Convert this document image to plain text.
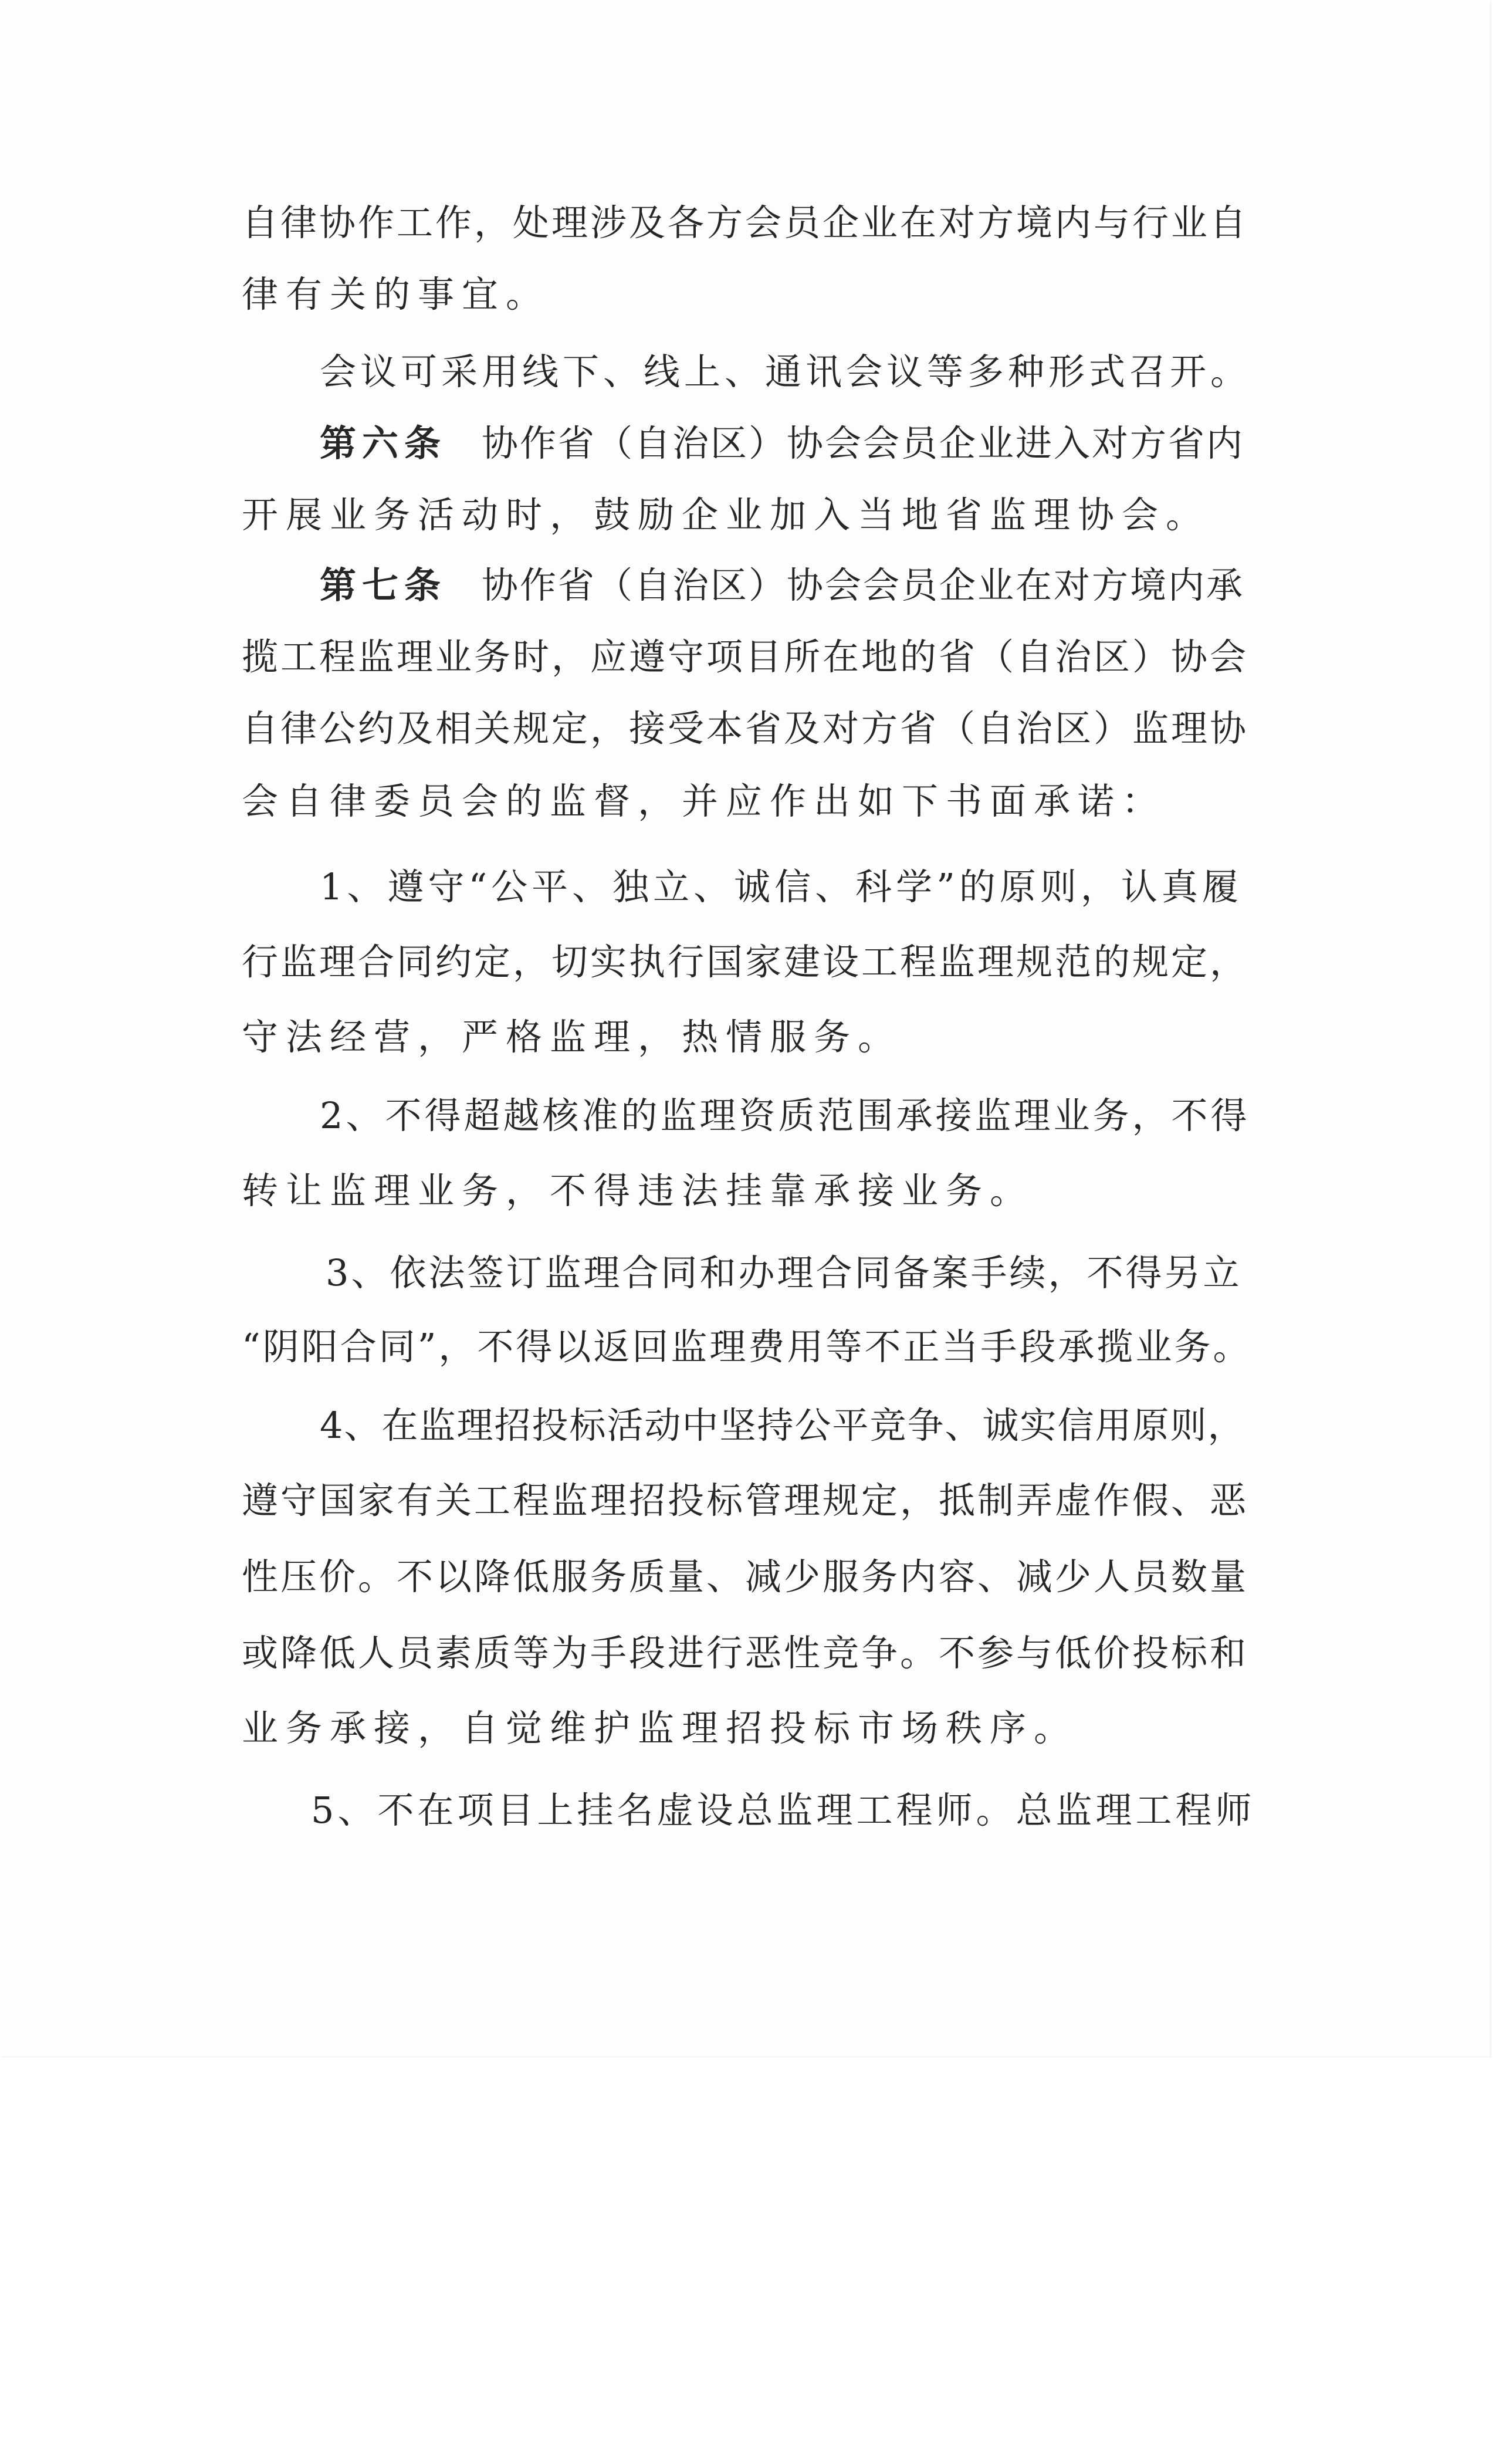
自律协作工作，处理涉及各方会员企业在对方境内与行业自
律有关的事宜。
会议可采用线下、线上、通讯会议等多种形式召开。
第六条 协作省（自治区）协会会员企业进入对方省内
开展业务活动时，鼓励企业加入当地省监理协会。
第七条 协作省（自治区）协会会员企业在对方境内承
揽工程监理业务时，应遵守项目所在地的省（自治区）协会
自律公约及相关规定，接受本省及对方省（自治区）监理协
会自律委员会的监督，并应作出如下书面承诺：
1、遵守“公平、独立、诚信、科学”的原则，认真履
行监理合同约定，切实执行国家建设工程监理规范的规定，
守法经营，严格监理，热情服务。
2、不得超越核准的监理资质范围承接监理业务，不得
转让监理业务，不得违法挂靠承接业务。
3、依法签订监理合同和办理合同备案手续，不得另立
“阴阳合同”，不得以返回监理费用等不正当手段承揽业务。
4、在监理招投标活动中坚持公平竞争、诚实信用原则，
遵守国家有关工程监理招投标管理规定，抵制弄虚作假、恶
性压价。不以降低服务质量、减少服务内容、减少人员数量
或降低人员素质等为手段进行恶性竞争。不参与低价投标和
业务承接，自觉维护监理招投标市场秩序。
5、不在项目上挂名虚设总监理工程师。总监理工程师
